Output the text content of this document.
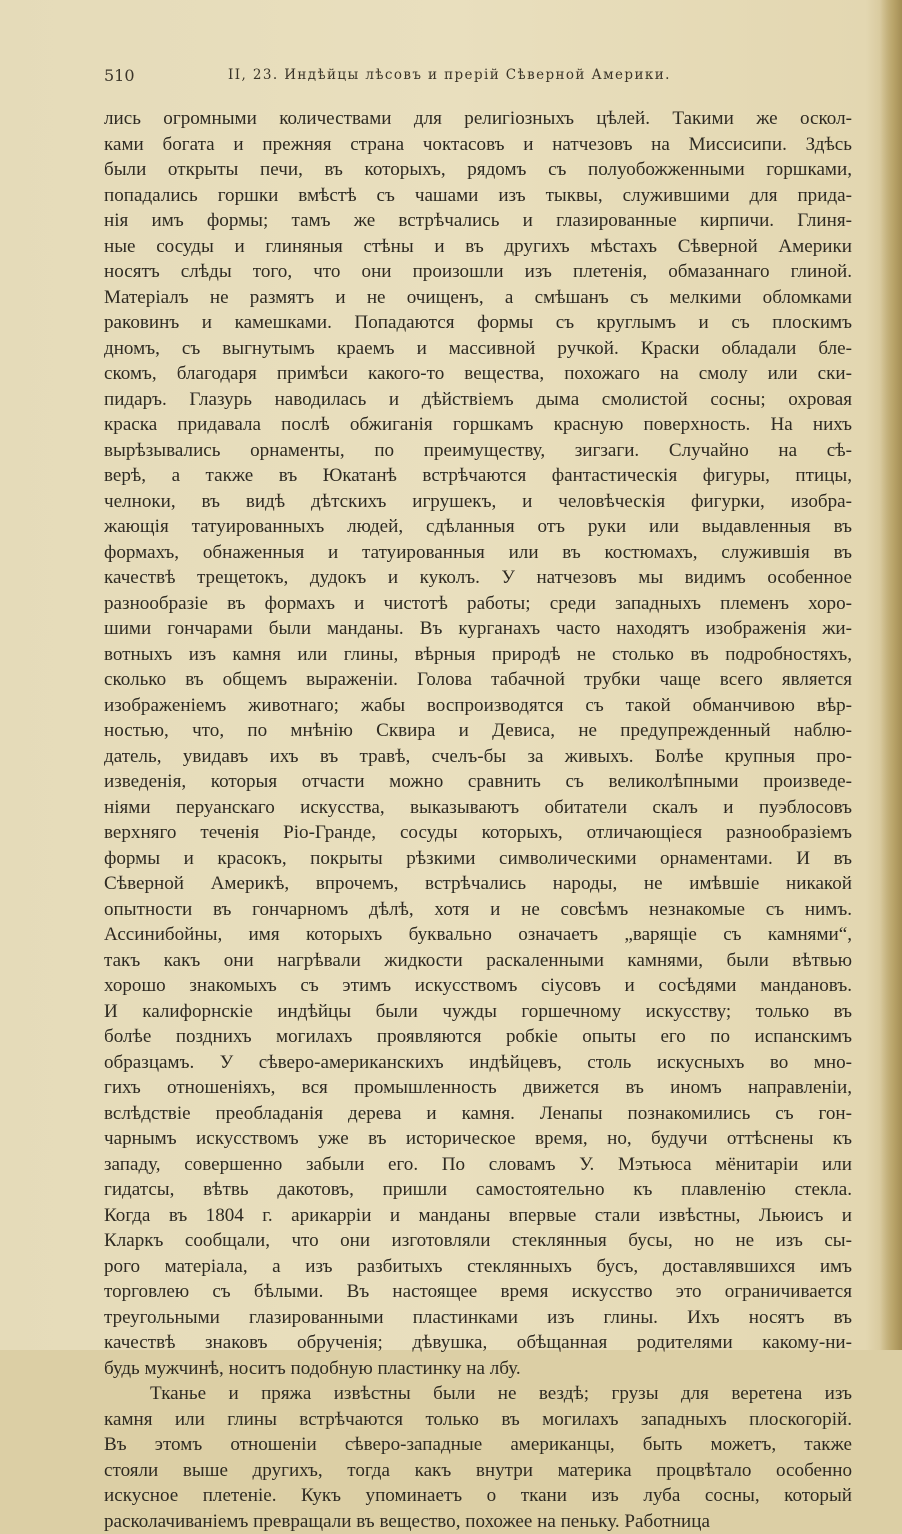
510	II, 23. Индѣйцы лѣсовъ и прерій Сѣверной Америки.
лись огромными количествами для религіозныхъ цѣлей. Такими же оскол-
ками богата и прежняя страна чоктасовъ и натчезовъ на Миссисипи. Здѣсь
были открыты печи, въ которыхъ, рядомъ съ полуобожженными горшками,
попадались горшки вмѣстѣ съ чашами изъ тыквы, служившими для прида-
нія имъ формы; тамъ же встрѣчались и глазированные кирпичи. Глиня-
ные сосуды и глиняныя стѣны и въ другихъ мѣстахъ Сѣверной Америки
носятъ слѣды того, что они произошли изъ плетенія, обмазаннаго глиной.
Матеріалъ не размятъ и не очищенъ, а смѣшанъ съ мелкими обломками
раковинъ и камешками. Попадаются формы съ круглымъ и съ плоскимъ
дномъ, съ выгнутымъ краемъ и массивной ручкой. Краски обладали бле-
скомъ, благодаря примѣси какого-то вещества, похожаго на смолу или ски-
пидаръ. Глазурь наводилась и дѣйствіемъ дыма смолистой сосны; охровая
краска придавала послѣ обжиганія горшкамъ красную поверхность. На нихъ
вырѣзывались орнаменты, по преимуществу, зигзаги. Случайно на сѣ-
верѣ, а также въ Юкатанѣ встрѣчаются фантастическія фигуры, птицы,
челноки, въ видѣ дѣтскихъ игрушекъ, и человѣческія фигурки, изобра-
жающія татуированныхъ людей, сдѣланныя отъ руки или выдавленныя въ
формахъ, обнаженныя и татуированныя или въ костюмахъ, служившія въ
качествѣ трещетокъ, дудокъ и куколъ. У натчезовъ мы видимъ особенное
разнообразіе въ формахъ и чистотѣ работы; среди западныхъ племенъ хоро-
шими гончарами были манданы. Въ курганахъ часто находятъ изображенія жи-
вотныхъ изъ камня или глины, вѣрныя природѣ не столько въ подробностяхъ,
сколько въ общемъ выраженіи. Голова табачной трубки чаще всего является
изображеніемъ животнаго; жабы воспроизводятся съ такой обманчивою вѣр-
ностью, что, по мнѣнію Сквира и Девиса, не предупрежденный наблю-
датель, увидавъ ихъ въ травѣ, счелъ-бы за живыхъ. Болѣе крупныя про-
изведенія, которыя отчасти можно сравнить съ великолѣпными произведе-
ніями перуанскаго искусства, выказываютъ обитатели скалъ и пуэблосовъ
верхняго теченія Ріо-Гранде, сосуды которыхъ, отличающіеся разнообразіемъ
формы и красокъ, покрыты рѣзкими символическими орнаментами. И въ
Сѣверной Америкѣ, впрочемъ, встрѣчались народы, не имѣвшіе никакой
опытности въ гончарномъ дѣлѣ, хотя и не совсѣмъ незнакомые съ нимъ.
Ассинибойны, имя которыхъ буквально означаетъ „варящіе съ камнями“,
такъ какъ они нагрѣвали жидкости раскаленными камнями, были вѣтвью
хорошо знакомыхъ съ этимъ искусствомъ сіусовъ и сосѣдями мандановъ.
И калифорнскіе индѣйцы были чужды горшечному искусству; только въ
болѣе позднихъ могилахъ проявляются робкіе опыты его по испанскимъ
образцамъ. У сѣверо-американскихъ индѣйцевъ, столь искусныхъ во мно-
гихъ отношеніяхъ, вся промышленность движется въ иномъ направленіи,
вслѣдствіе преобладанія дерева и камня. Ленапы познакомились съ гон-
чарнымъ искусствомъ уже въ историческое время, но, будучи оттѣснены къ
западу, совершенно забыли его. По словамъ У. Мэтьюса мёнитаріи или
гидатсы, вѣтвь дакотовъ, пришли самостоятельно къ плавленію стекла.
Когда въ 1804 г. арикарріи и манданы впервые стали извѣстны, Льюисъ и
Кларкъ сообщали, что они изготовляли стеклянныя бусы, но не изъ сы-
рого матеріала, а изъ разбитыхъ стеклянныхъ бусъ, доставлявшихся имъ
торговлею съ бѣлыми. Въ настоящее время искусство это ограничивается
треугольными глазированными пластинками изъ глины. Ихъ носятъ въ
качествѣ знаковъ обрученія; дѣвушка, обѣщанная родителями какому-ни-
будь мужчинѣ, носитъ подобную пластинку на лбу.
Тканье и пряжа извѣстны были не вездѣ; грузы для веретена изъ
камня или глины встрѣчаются только въ могилахъ западныхъ плоскогорій.
Въ этомъ отношеніи сѣверо-западные американцы, быть можетъ, также
стояли выше другихъ, тогда какъ внутри материка процвѣтало особенно
искусное плетеніе. Кукъ упоминаетъ о ткани изъ луба сосны, который
расколачиваніемъ превращали въ вещество, похожее на пеньку. Работница
